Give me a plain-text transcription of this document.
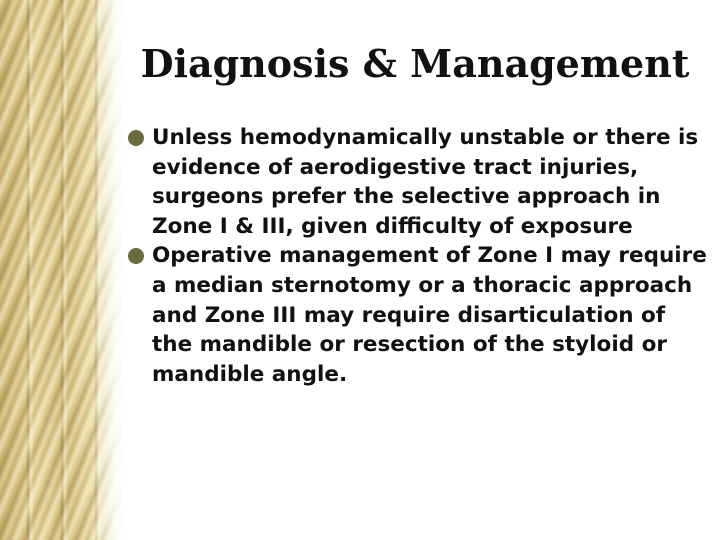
Diagnosis & Management
Unless hemodynamically unstable or there is evidence of aerodigestive tract injuries, surgeons prefer the selective approach in Zone I & III, given difficulty of exposure
Operative management of Zone I may require a median sternotomy or a thoracic approach and Zone III may require disarticulation of the mandible or resection of the styloid or mandible angle.
